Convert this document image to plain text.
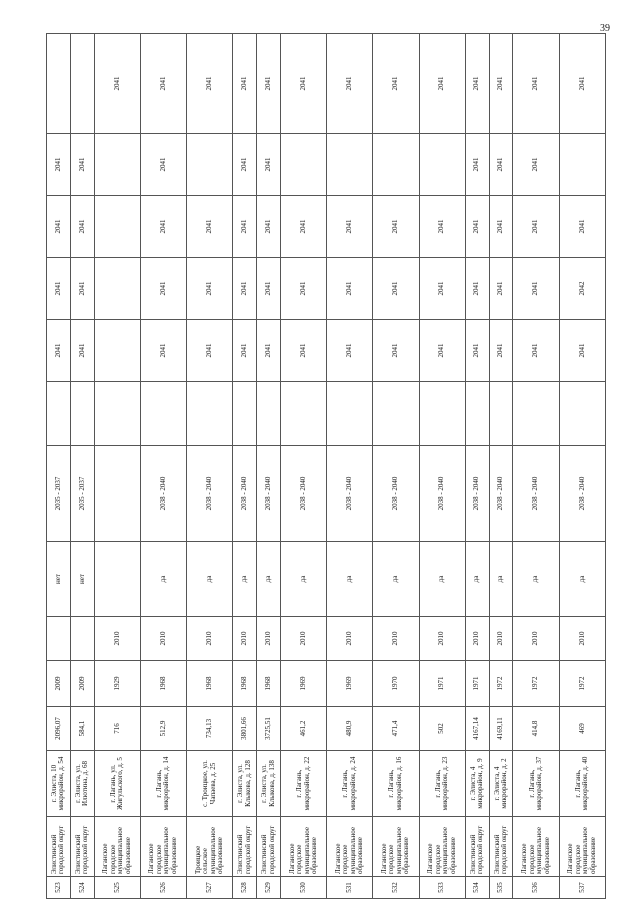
523	Элистинский городской округ	г. Элиста, 10 микрорайон, д. 54	2096,07	2009		нет	2035 - 2037		2041	2041	2041	2041	
524	Элистинский городской округ	г. Элиста, ул. Илютина, д. 68	584,1	2009		нет	2035 - 2037		2041	2041	2041	2041	
525	Лаганское городское муниципальное образование	г. Лагань, ул. Жигульского, д. 5	716	1929	2010								2041
526	Лаганское городское муниципальное образование	г. Лагань, микрорайон, д. 14	512,9	1968	2010	да	2038 - 2040		2041	2041	2041	2041	2041
527	Троицкое сельское муниципальное образование	с. Троицкое, ул. Чапаева, д. 25	734,13	1968	2010	да	2038 - 2040		2041	2041	2041		2041
528	Элистинский городской округ	г. Элиста, ул. Клыкова, д. 128	3801,66	1968	2010	да	2038 - 2040		2041	2041	2041	2041	2041
529	Элистинский городской округ	г. Элиста, ул. Клыкова, д. 138	3725,51	1968	2010	да	2038 - 2040		2041	2041	2041	2041	2041
530	Лаганское городское муниципальное образование	г. Лагань, микрорайон, д. 22	461,2	1969	2010	да	2038 - 2040		2041	2041	2041		2041
531	Лаганское городское муниципальное образование	г. Лагань, микрорайон, д. 24	480,9	1969	2010	да	2038 - 2040		2041	2041	2041		2041
532	Лаганское городское муниципальное образование	г. Лагань, микрорайон, д. 16	471,4	1970	2010	да	2038 - 2040		2041	2041	2041		2041
533	Лаганское городское муниципальное образование	г. Лагань, микрорайон, д. 23	502	1971	2010	да	2038 - 2040		2041	2041	2041		2041
534	Элистинский городской округ	г. Элиста, 4 микрорайон, д. 9	4167,14	1971	2010	да	2038 - 2040		2041	2041	2041	2041	2041
535	Элистинский городской округ	г. Элиста, 4 микрорайон, д. 2	4169,11	1972	2010	да	2038 - 2040		2041	2041	2041	2041	2041
536	Лаганское городское муниципальное образование	г. Лагань, микрорайон, д. 37	414,8	1972	2010	да	2038 - 2040		2041	2041	2041	2041	2041
537	Лаганское городское муниципальное образование	г. Лагань, микрорайон, д. 40	469	1972	2010	да	2038 - 2040		2041	2042	2041		2041
39
